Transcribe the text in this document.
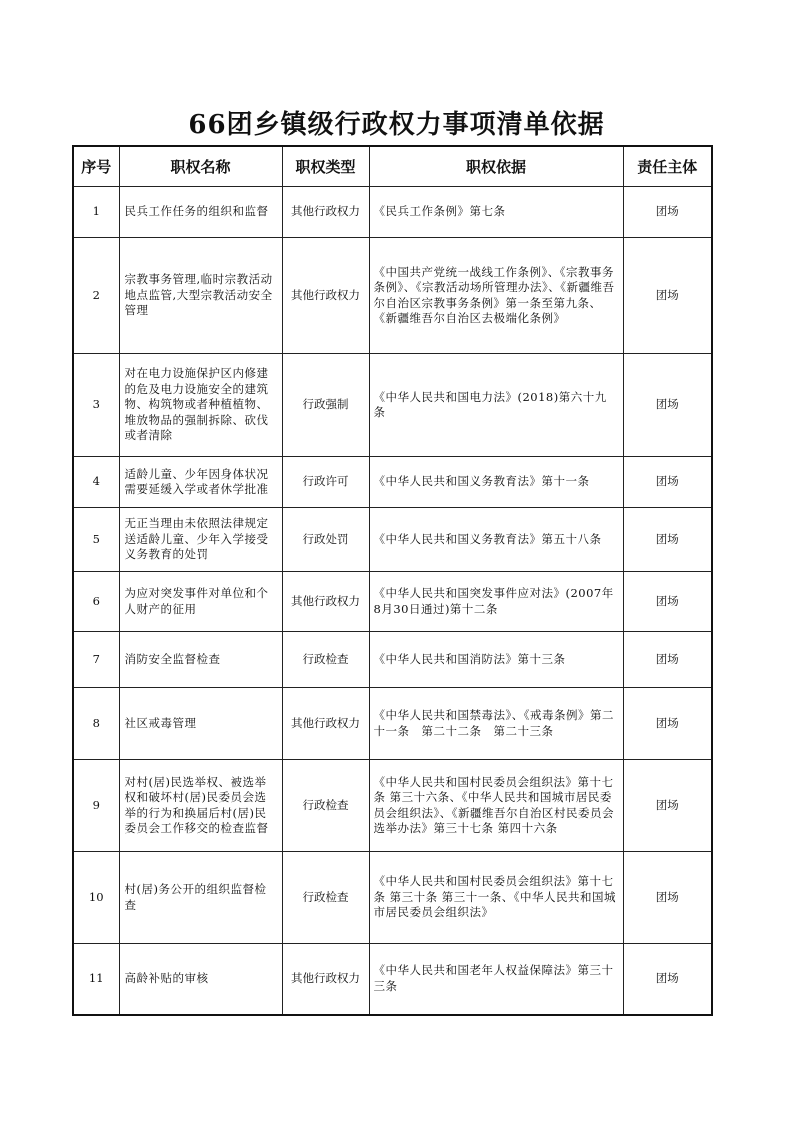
66团乡镇级行政权力事项清单依据
序号	职权名称	职权类型	职权依据	责任主体
1	民兵工作任务的组织和监督	其他行政权力	《民兵工作条例》第七条	团场
2	宗教事务管理,临时宗教活动地点监管,大型宗教活动安全管理	其他行政权力	《中国共产党统一战线工作条例》、《宗教事务条例》、《宗教活动场所管理办法》、《新疆维吾尔自治区宗教事务条例》第一条至第九条、《新疆维吾尔自治区去极端化条例》	团场
3	对在电力设施保护区内修建的危及电力设施安全的建筑物、构筑物或者种植植物、堆放物品的强制拆除、砍伐或者清除	行政强制	《中华人民共和国电力法》(2018)第六十九条	团场
4	适龄儿童、少年因身体状况需要延缓入学或者休学批准	行政许可	《中华人民共和国义务教育法》第十一条	团场
5	无正当理由未依照法律规定送适龄儿童、少年入学接受义务教育的处罚	行政处罚	《中华人民共和国义务教育法》第五十八条	团场
6	为应对突发事件对单位和个人财产的征用	其他行政权力	《中华人民共和国突发事件应对法》(2007年8月30日通过)第十二条	团场
7	消防安全监督检查	行政检查	《中华人民共和国消防法》第十三条	团场
8	社区戒毒管理	其他行政权力	《中华人民共和国禁毒法》、《戒毒条例》第二十一条　第二十二条　第二十三条	团场
9	对村(居)民选举权、被选举权和破坏村(居)民委员会选举的行为和换届后村(居)民委员会工作移交的检查监督	行政检查	《中华人民共和国村民委员会组织法》第十七条 第三十六条、《中华人民共和国城市居民委员会组织法》、《新疆维吾尔自治区村民委员会选举办法》第三十七条 第四十六条	团场
10	村(居)务公开的组织监督检查	行政检查	《中华人民共和国村民委员会组织法》第十七条 第三十条 第三十一条、《中华人民共和国城市居民委员会组织法》	团场
11	高龄补贴的审核	其他行政权力	《中华人民共和国老年人权益保障法》第三十三条	团场
